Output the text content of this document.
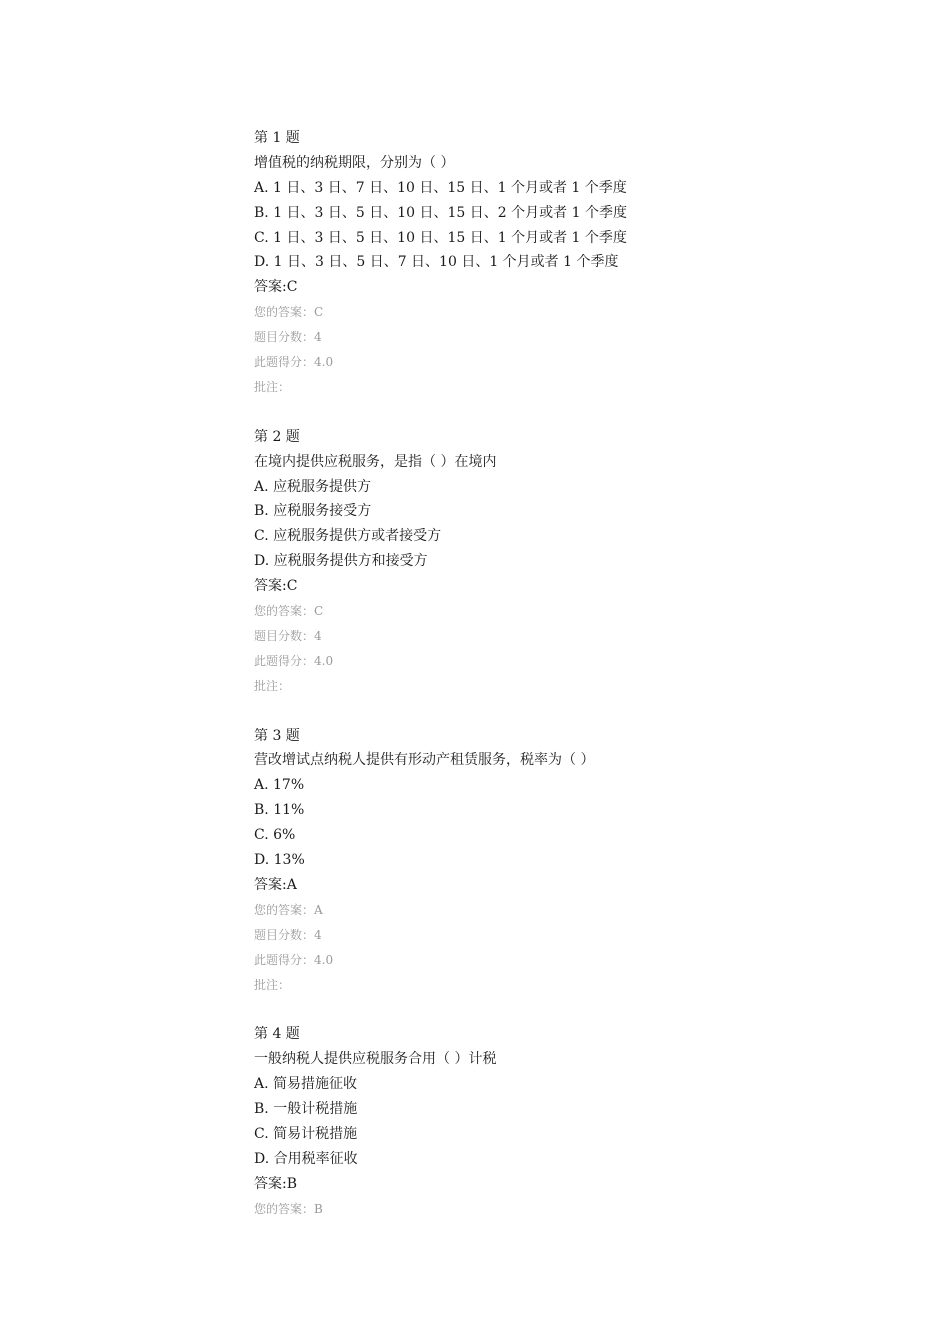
第 1 题
增值税的纳税期限，分别为（ ）
A. 1 日、3 日、7 日、10 日、15 日、1 个月或者 1 个季度
B. 1 日、3 日、5 日、10 日、15 日、2 个月或者 1 个季度
C. 1 日、3 日、5 日、10 日、15 日、1 个月或者 1 个季度
D. 1 日、3 日、5 日、7 日、10 日、1 个月或者 1 个季度
答案:C
您的答案：C
题目分数：4
此题得分：4.0
批注：
第 2 题
在境内提供应税服务，是指（ ）在境内
A. 应税服务提供方
B. 应税服务接受方
C. 应税服务提供方或者接受方
D. 应税服务提供方和接受方
答案:C
您的答案：C
题目分数：4
此题得分：4.0
批注：
第 3 题
营改增试点纳税人提供有形动产租赁服务，税率为（ ）
A. 17%
B. 11%
C. 6%
D. 13%
答案:A
您的答案：A
题目分数：4
此题得分：4.0
批注：
第 4 题
一般纳税人提供应税服务合用（ ）计税
A. 简易措施征收
B. 一般计税措施
C. 简易计税措施
D. 合用税率征收
答案:B
您的答案：B
